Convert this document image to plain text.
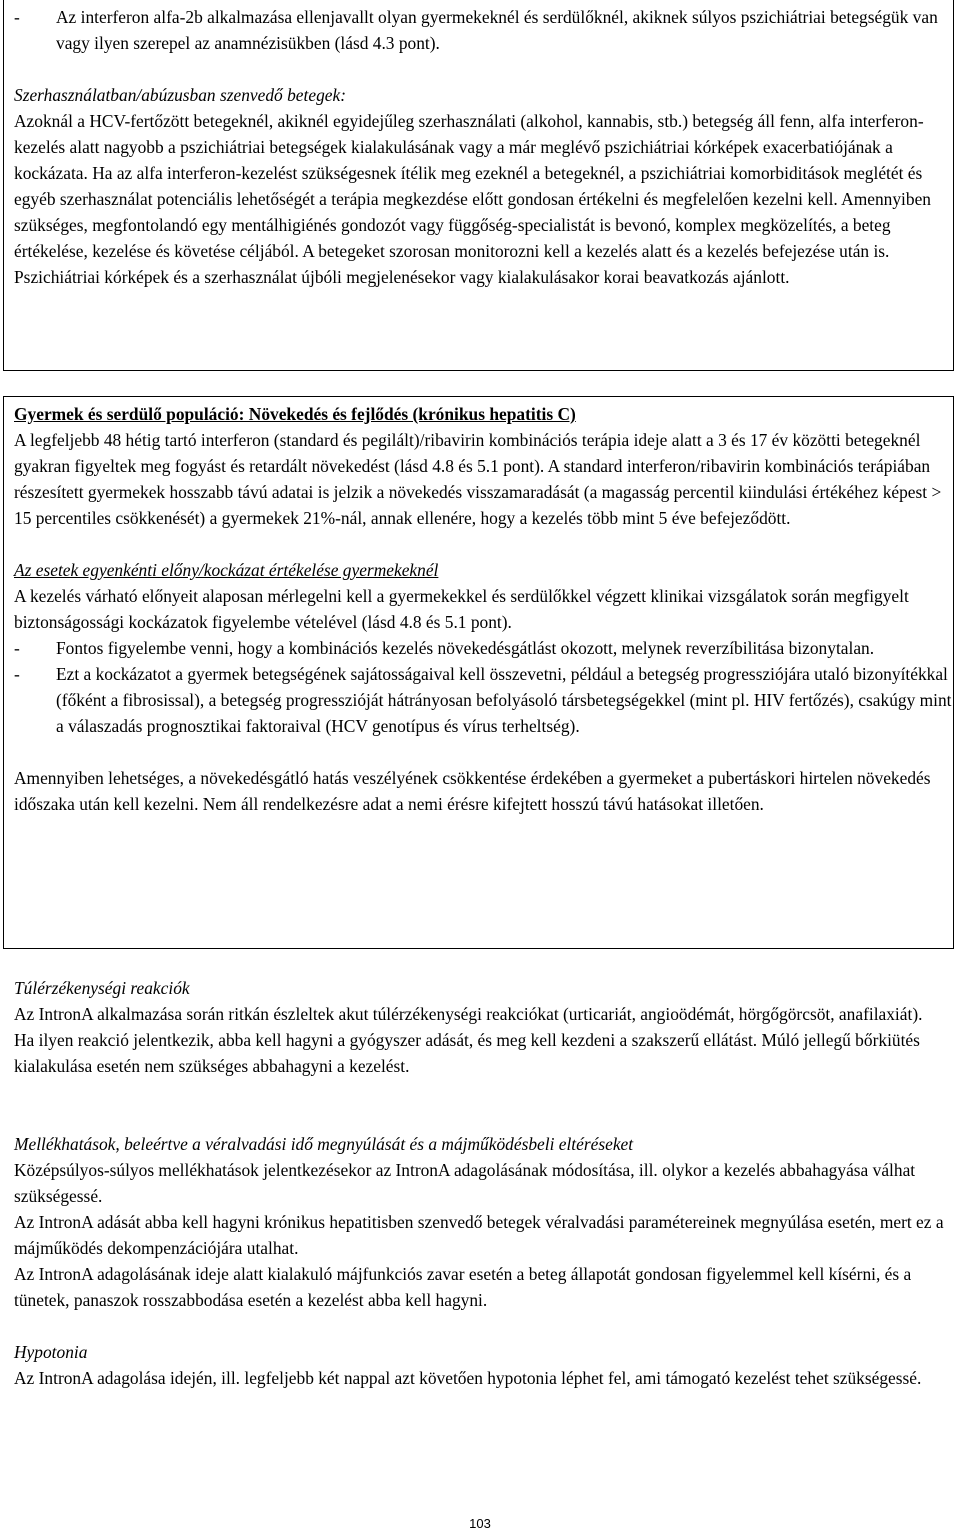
-	Az interferon alfa-2b alkalmazása ellenjavallt olyan gyermekeknél és serdülőknél, akiknek súlyos pszichiátriai betegségük van vagy ilyen szerepel az anamnézisükben (lásd 4.3 pont).

Szerhasználatban/abúzusban szenvedő betegek:

Azoknál a HCV-fertőzött betegeknél, akiknél egyidejűleg szerhasználati (alkohol, kannabis, stb.) betegség áll fenn, alfa interferon-kezelés alatt nagyobb a pszichiátriai betegségek kialakulásának vagy a már meglévő pszichiátriai kórképek exacerbatiójának a kockázata. Ha az alfa interferon-kezelést szükségesnek ítélik meg ezeknél a betegeknél, a pszichiátriai komorbiditások meglétét és egyéb szerhasználat potenciális lehetőségét a terápia megkezdése előtt gondosan értékelni és megfelelően kezelni kell. Amennyiben szükséges, megfontolandó egy mentálhigiénés gondozót vagy függőség-specialistát is bevonó, komplex megközelítés, a beteg értékelése, kezelése és követése céljából. A betegeket szorosan monitorozni kell a kezelés alatt és a kezelés befejezése után is. Pszichiátriai kórképek és a szerhasználat újbóli megjelenésekor vagy kialakulásakor korai beavatkozás ajánlott.

Gyermek és serdülő populáció: Növekedés és fejlődés (krónikus hepatitis C)

A legfeljebb 48 hétig tartó interferon (standard és pegilált)/ribavirin kombinációs terápia ideje alatt a 3 és 17 év közötti betegeknél gyakran figyeltek meg fogyást és retardált növekedést (lásd 4.8 és 5.1 pont). A standard interferon/ribavirin kombinációs terápiában részesített gyermekek hosszabb távú adatai is jelzik a növekedés visszamaradását (a magasság percentil kiindulási értékéhez képest > 15 percentiles csökkenését) a gyermekek 21%-nál, annak ellenére, hogy a kezelés több mint 5 éve befejeződött.

Az esetek egyenkénti előny/kockázat értékelése gyermekeknél

A kezelés várható előnyeit alaposan mérlegelni kell a gyermekekkel és serdülőkkel végzett klinikai vizsgálatok során megfigyelt biztonságossági kockázatok figyelembe vételével (lásd 4.8 és 5.1 pont).

-	Fontos figyelembe venni, hogy a kombinációs kezelés növekedésgátlást okozott, melynek reverzíbilitása bizonytalan.
-	Ezt a kockázatot a gyermek betegségének sajátosságaival kell összevetni, például a betegség progressziójára utaló bizonyítékkal (főként a fibrosissal), a betegség progresszióját hátrányosan befolyásoló társbetegségekkel (mint pl. HIV fertőzés), csakúgy mint a válaszadás prognosztikai faktoraival (HCV genotípus és vírus terheltség).

Amennyiben lehetséges, a növekedésgátló hatás veszélyének csökkentése érdekében a gyermeket a pubertáskori hirtelen növekedés időszaka után kell kezelni. Nem áll rendelkezésre adat a nemi érésre kifejtett hosszú távú hatásokat illetően.

Túlérzékenységi reakciók

Az IntronA alkalmazása során ritkán észleltek akut túlérzékenységi reakciókat (urticariát, angioödémát, hörgőgörcsöt, anafilaxiát). Ha ilyen reakció jelentkezik, abba kell hagyni a gyógyszer adását, és meg kell kezdeni a szakszerű ellátást. Múló jellegű bőrkiütés kialakulása esetén nem szükséges abbahagyni a kezelést.

Mellékhatások, beleértve a véralvadási idő megnyúlását és a májműködésbeli eltéréseket

Középsúlyos-súlyos mellékhatások jelentkezésekor az IntronA adagolásának módosítása, ill. olykor a kezelés abbahagyása válhat szükségessé.

Az IntronA adását abba kell hagyni krónikus hepatitisben szenvedő betegek véralvadási paramétereinek megnyúlása esetén, mert ez a májműködés dekompenzációjára utalhat.

Az IntronA adagolásának ideje alatt kialakuló májfunkciós zavar esetén a beteg állapotát gondosan figyelemmel kell kísérni, és a tünetek, panaszok rosszabbodása esetén a kezelést abba kell hagyni.

Hypotonia

Az IntronA adagolása idején, ill. legfeljebb két nappal azt követően hypotonia léphet fel, ami támogató kezelést tehet szükségessé.

103
